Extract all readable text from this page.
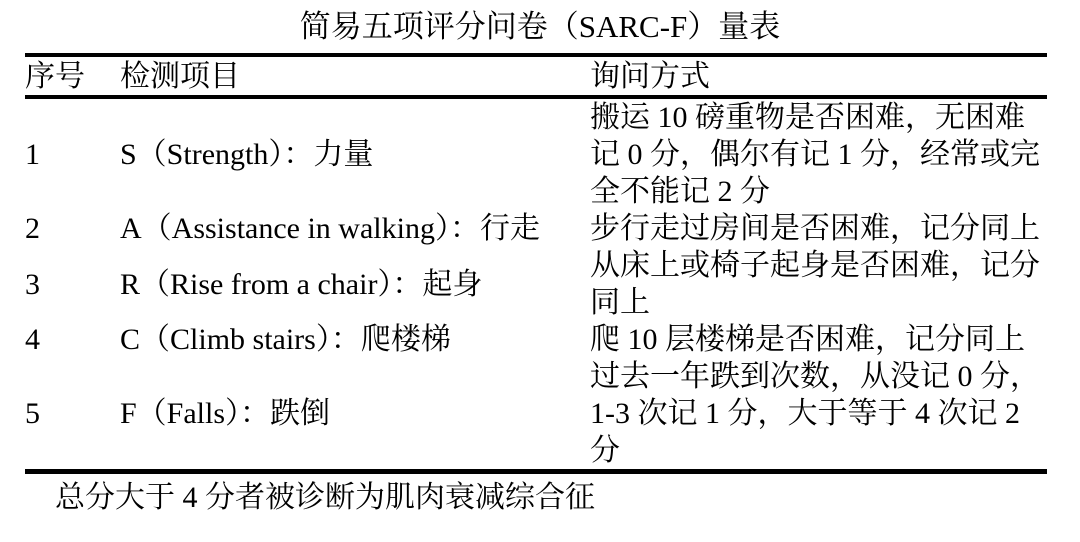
简易五项评分问卷（SARC-F）量表
序号	检测项目	询问方式
1	S（Strength）：力量	搬运 10 磅重物是否困难，无困难记 0 分，偶尔有记 1 分，经常或完全不能记 2 分
2	A（Assistance in walking）：行走	步行走过房间是否困难，记分同上
3	R（Rise from a chair）：起身	从床上或椅子起身是否困难，记分同上
4	C（Climb stairs）：爬楼梯	爬 10 层楼梯是否困难，记分同上
5	F（Falls）：跌倒	过去一年跌到次数，从没记 0 分，1-3 次记 1 分，大于等于 4 次记 2 分
总分大于 4 分者被诊断为肌肉衰减综合征
